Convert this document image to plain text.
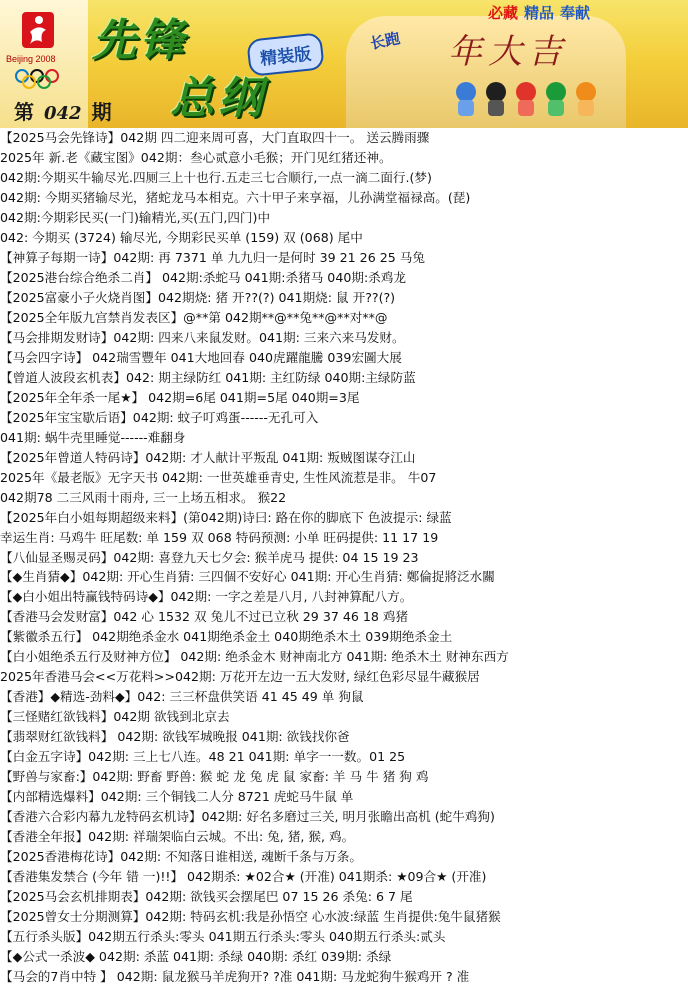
Beijing 2008
第 042 期
先锋
总纲
精装版
必藏 精品 奉献
长跑 年大吉
【2025马会先锋诗】042期 四二迎来周可喜，大门直取四十一。 送云腾雨骤
2025年 新.老《藏宝图》042期：叁心贰意小毛猴；开门见红猪还神。
042期:今期买牛输尽光.四厕三上十也行.五走三七合顺行,一点一滴二面行.(梦)
042期: 今期买猪输尽光，猪蛇龙马本相克。六十甲子来享福，儿孙满堂福禄高。(琵)
042期:今期彩民买(一门)输精光,买(五门,四门)中
042: 今期买 (3724) 输尽光, 今期彩民买单 (159) 双 (068) 尾中
【神算子每期一诗】042期: 再 7371 单 九九归一是何时 39 21 26 25 马兔
【2025港台综合绝杀二肖】 042期:杀蛇马 041期:杀猪马 040期:杀鸡龙
【2025富豪小子火烧肖图】042期烧: 猪 开??(?) 041期烧: 鼠 开??(?)
【2025全年版九宫禁肖发表区】@**第 042期**@**兔**@**对**@
【马会排期发财诗】042期: 四来八来鼠发财。041期: 三来六来马发财。
【马会四字诗】 042瑞雪豐年 041大地回春 040虎躍龍騰 039宏圖大展
【曾道人波段玄机表】042: 期主绿防红 041期: 主红防绿 040期:主绿防蓝
【2025年全年杀一尾★】 042期=6尾 041期=5尾 040期=3尾
【2025年宝宝歇后语】042期: 蚊子叮鸡蛋------无孔可入
041期: 蜗牛壳里睡觉------难翻身
【2025年曾道人特码诗】042期: 才人献计平叛乱 041期: 叛贼图谋夺江山
2025年《最老版》无字天书 042期: 一世英雄垂青史, 生性风流惹是非。 牛07
042期78 二三风雨十雨舟, 三一上场五相求。 猴22
【2025年白小姐每期超级来料】(第042期)诗曰: 路在你的脚底下 色波提示: 绿蓝
幸运生肖: 马鸡牛 旺尾数: 单 159 双 068 特码预测: 小单 旺码提供: 11 17 19
【八仙显圣赐灵码】042期: 喜登九天七夕会: 猴羊虎马 提供: 04 15 19 23
【◆生肖猜◆】042期: 开心生肖猜: 三四個不安好心 041期: 开心生肖猜: 鄭倫捉將泛水關
【◆白小姐出特赢钱特码诗◆】042期: 一字之差是八月, 八封神算配八方。
【香港马会发财富】042 心 1532 双 兔儿不过已立秋 29 37 46 18 鸡猪
【紫徽杀五行】 042期绝杀金水 041期绝杀金土 040期绝杀木土 039期绝杀金土
【白小姐绝杀五行及财神方位】 042期: 绝杀金木 财神南北方 041期: 绝杀木土 财神东西方
2025年香港马会<<万花料>>042期: 万花开左边一五大发财, 绿红色彩尽显牛藏猴居
【香港】◆精选-劲料◆】042: 三三杯盘供笑语 41 45 49 单 狗鼠
【三怪赌红欲钱料】042期 欲钱到北京去
【翡翠财红欲钱料】 042期: 欲钱军城晚报 041期: 欲钱找你爸
【白金五字诗】042期: 三上七八连。48 21 041期: 单字一一数。01 25
【野兽与家畜:】042期: 野畜 野兽: 猴 蛇 龙 兔 虎 鼠 家畜: 羊 马 牛 猪 狗 鸡
【内部精选爆料】042期: 三个铜钱二人分 8721 虎蛇马牛鼠 单
【香港六合彩内幕九龙特码玄机诗】042期: 好名多磨过三关, 明月张瞻出高机 (蛇牛鸡狗)
【香港全年报】042期: 祥瑞架临白云城。不出: 兔, 猪, 猴, 鸡。
【2025香港梅花诗】042期: 不知落日谁相送, 魂断千条与万条。
【香港集发禁合 (今年 错 一)!!】 042期杀: ★02合★ (开准) 041期杀: ★09合★ (开准)
【2025马会玄机排期表】042期: 欲钱买会摆尾巴 07 15 26 杀兔: 6 7 尾
【2025曾女士分期测算】042期: 特码玄机:我是孙悟空 心水波:绿蓝 生肖提供:兔牛鼠猪猴
【五行杀头版】042期五行杀头:零头 041期五行杀头:零头 040期五行杀头:贰头
【◆公式一杀波◆ 042期: 杀蓝 041期: 杀绿 040期: 杀红 039期: 杀绿
【马会的7肖中特 】 042期: 鼠龙猴马羊虎狗开? ?准 041期: 马龙蛇狗牛猴鸡开 ? 准
